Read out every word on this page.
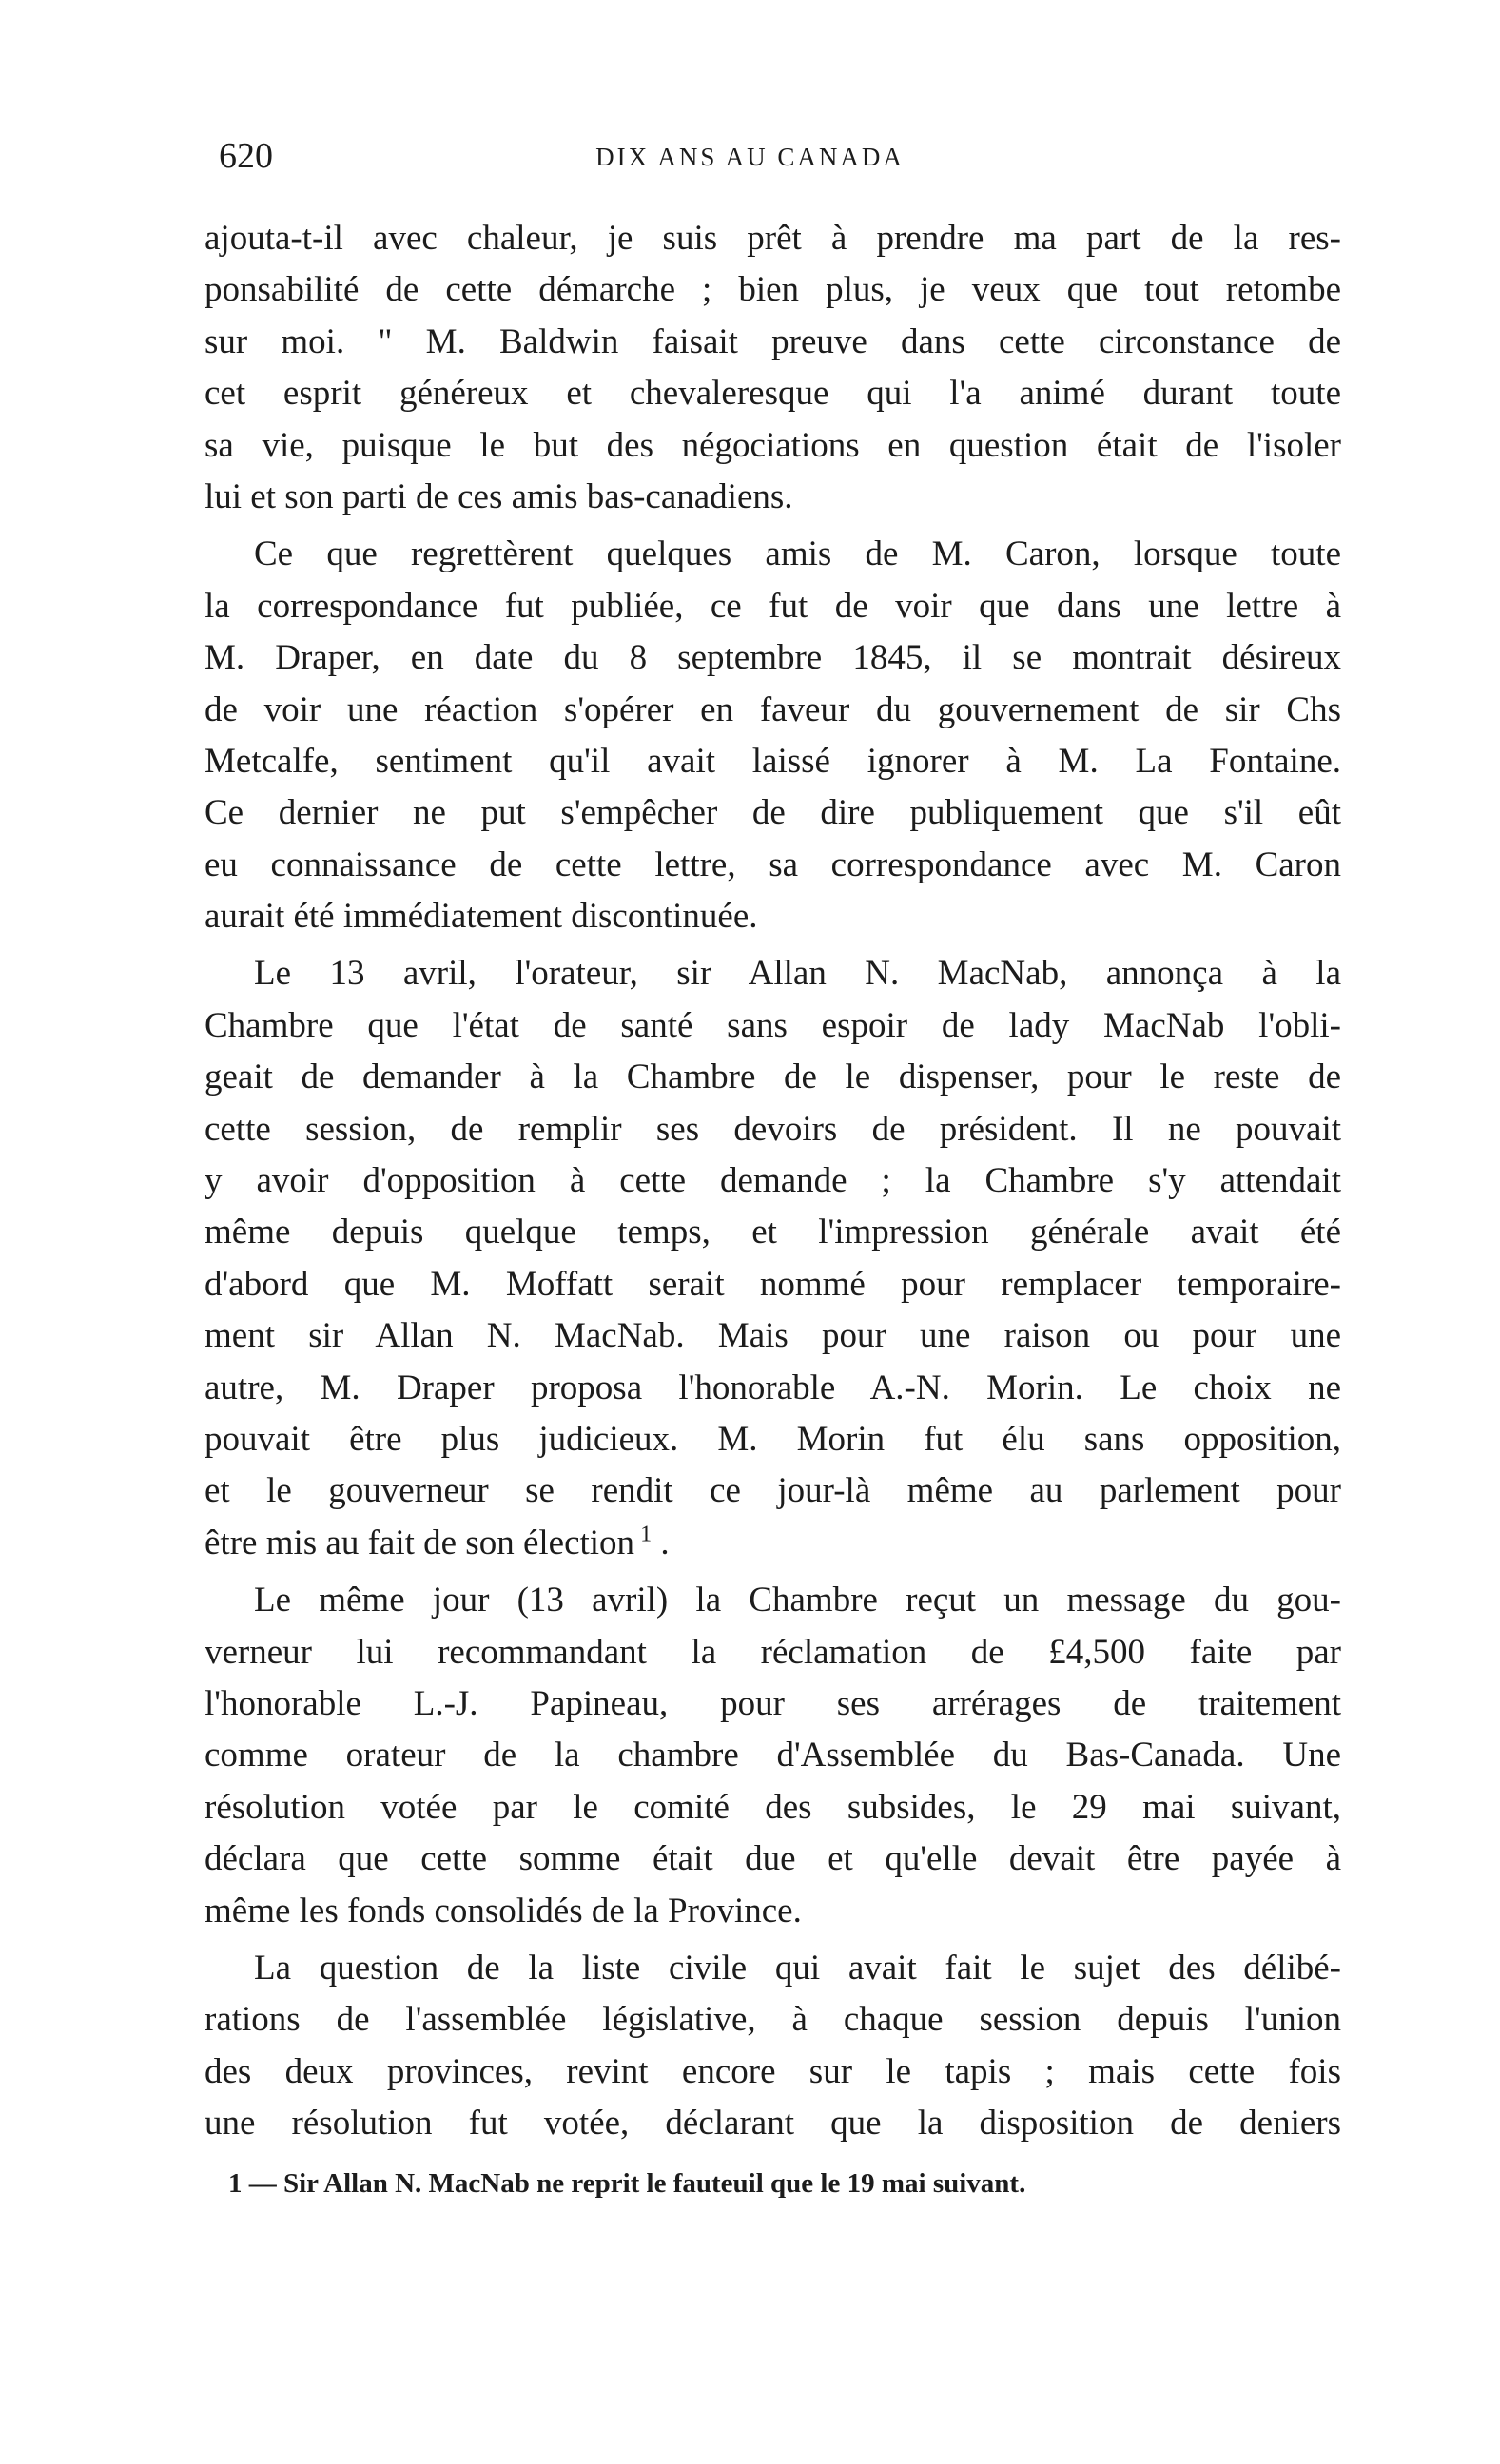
620	DIX ANS AU CANADA
ajouta-t-il avec chaleur, je suis prêt à prendre ma part de la res-
ponsabilité de cette démarche ; bien plus, je veux que tout retombe
sur moi. " M. Baldwin faisait preuve dans cette circonstance de
cet esprit généreux et chevaleresque qui l'a animé durant toute
sa vie, puisque le but des négociations en question était de l'isoler
lui et son parti de ces amis bas-canadiens.
Ce que regrettèrent quelques amis de M. Caron, lorsque toute
la correspondance fut publiée, ce fut de voir que dans une lettre à
M. Draper, en date du 8 septembre 1845, il se montrait désireux
de voir une réaction s'opérer en faveur du gouvernement de sir Chs
Metcalfe, sentiment qu'il avait laissé ignorer à M. La Fontaine.
Ce dernier ne put s'empêcher de dire publiquement que s'il eût
eu connaissance de cette lettre, sa correspondance avec M. Caron
aurait été immédiatement discontinuée.
Le 13 avril, l'orateur, sir Allan N. MacNab, annonça à la
Chambre que l'état de santé sans espoir de lady MacNab l'obli-
geait de demander à la Chambre de le dispenser, pour le reste de
cette session, de remplir ses devoirs de président. Il ne pouvait
y avoir d'opposition à cette demande ; la Chambre s'y attendait
même depuis quelque temps, et l'impression générale avait été
d'abord que M. Moffatt serait nommé pour remplacer temporaire-
ment sir Allan N. MacNab. Mais pour une raison ou pour une
autre, M. Draper proposa l'honorable A.-N. Morin. Le choix ne
pouvait être plus judicieux. M. Morin fut élu sans opposition,
et le gouverneur se rendit ce jour-là même au parlement pour
être mis au fait de son élection $^1$ .
Le même jour (13 avril) la Chambre reçut un message du gou-
verneur lui recommandant la réclamation de £4,500 faite par
l'honorable L.-J. Papineau, pour ses arrérages de traitement
comme orateur de la chambre d'Assemblée du Bas-Canada. Une
résolution votée par le comité des subsides, le 29 mai suivant,
déclara que cette somme était due et qu'elle devait être payée à
même les fonds consolidés de la Province.
La question de la liste civile qui avait fait le sujet des délibé-
rations de l'assemblée législative, à chaque session depuis l'union
des deux provinces, revint encore sur le tapis ; mais cette fois
une résolution fut votée, déclarant que la disposition de deniers
1 — Sir Allan N. MacNab ne reprit le fauteuil que le 19 mai suivant.
